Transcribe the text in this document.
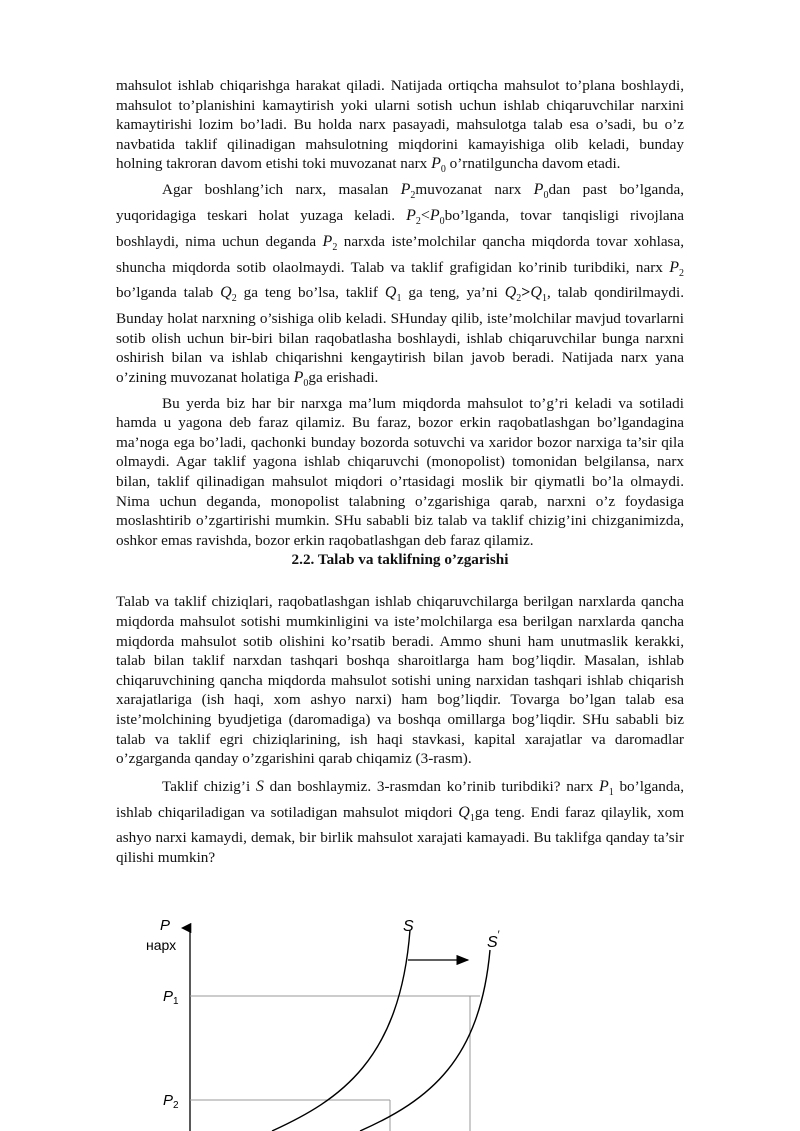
mahsulot ishlab chiqarishga harakat qiladi. Natijada ortiqcha mahsulot to’plana boshlaydi, mahsulot to’planishini kamaytirish yoki ularni sotish uchun ishlab chiqaruvchilar narxini kamaytirishi lozim bo’ladi. Bu holda narx pasayadi, mahsulotga talab esa o’sadi, bu o’z navbatida taklif qilinadigan mahsulotning miqdorini kamayishiga olib keladi, bunday holning takroran davom etishi toki muvozanat narx $P_0$ o’rnatilguncha davom etadi.

Agar boshlang’ich narx, masalan $P_2muvozanat$ narx $P_0dan$ past bo’lganda, yuqoridagiga teskari holat yuzaga keladi. $P_2<P_0bo’lganda$, tovar tanqisligi rivojlana boshlaydi, nima uchun deganda $P_2$ narxda iste’molchilar qancha miqdorda tovar xohlasa, shuncha miqdorda sotib olaolmaydi. Talab va taklif grafigidan ko’rinib turibdiki, narx $P_2$ bo’lganda talab $Q_2$ ga teng bo’lsa, taklif $Q_1$ ga teng, ya’ni $Q_2>Q_1$, talab qondirilmaydi. Bunday holat narxning o’sishiga olib keladi. SHunday qilib, iste’molchilar mavjud tovarlarni sotib olish uchun bir-biri bilan raqobatlasha boshlaydi, ishlab chiqaruvchilar bunga narxni oshirish bilan va ishlab chiqarishni kengaytirish bilan javob beradi. Natijada narx yana o’zining muvozanat holatiga $P_0ga$ erishadi.

Bu yerda biz har bir narxga ma’lum miqdorda mahsulot to’g’ri keladi va sotiladi hamda u yagona deb faraz qilamiz. Bu faraz, bozor erkin raqobatlashgan bo’lgandagina ma’noga ega bo’ladi, qachonki bunday bozorda sotuvchi va xaridor bozor narxiga ta’sir qila olmaydi. Agar taklif yagona ishlab chiqaruvchi (monopolist) tomonidan belgilansa, narx bilan, taklif qilinadigan mahsulot miqdori o’rtasidagi moslik bir qiymatli bo’la olmaydi. Nima uchun deganda, monopolist talabning o’zgarishiga qarab, narxni o’z foydasiga moslashtirib o’zgartirishi mumkin. SHu sababli biz talab va taklif chizig’ini chizganimizda, oshkor emas ravishda, bozor erkin raqobatlashgan deb faraz qilamiz.

2.2. Talab va taklifning o’zgarishi

Talab va taklif chiziqlari, raqobatlashgan ishlab chiqaruvchilarga berilgan narxlarda qancha miqdorda mahsulot sotishi mumkinligini va iste’molchilarga esa berilgan narxlarda qancha miqdorda mahsulot sotib olishini ko’rsatib beradi. Ammo shuni ham unutmaslik kerakki, talab bilan taklif narxdan tashqari boshqa sharoitlarga ham bog’liqdir. Masalan, ishlab chiqaruvchining qancha miqdorda mahsulot sotishi uning narxidan tashqari ishlab chiqarish xarajatlariga (ish haqi, xom ashyo narxi) ham bog’liqdir. Tovarga bo’lgan talab esa iste’molchining byudjetiga (daromadiga) va boshqa omillarga bog’liqdir. SHu sababli biz talab va taklif egri chiziqlarining, ish haqi stavkasi, kapital xarajatlar va daromadlar o’zgarganda qanday o’zgarishini qarab chiqamiz (3-rasm).

Taklif chizig’i S dan boshlaymiz. 3-rasmdan ko’rinib turibdiki? narx $P_1$ bo’lganda, ishlab chiqariladigan va sotiladigan mahsulot miqdori $Q_1ga$ teng. Endi faraz qilaylik, xom ashyo narxi kamaydi, demak, bir birlik mahsulot xarajati kamayadi. Bu taklifga qanday ta’sir qilishi mumkin?

P
нарх
$P_1$
$P_2$
S
S′
